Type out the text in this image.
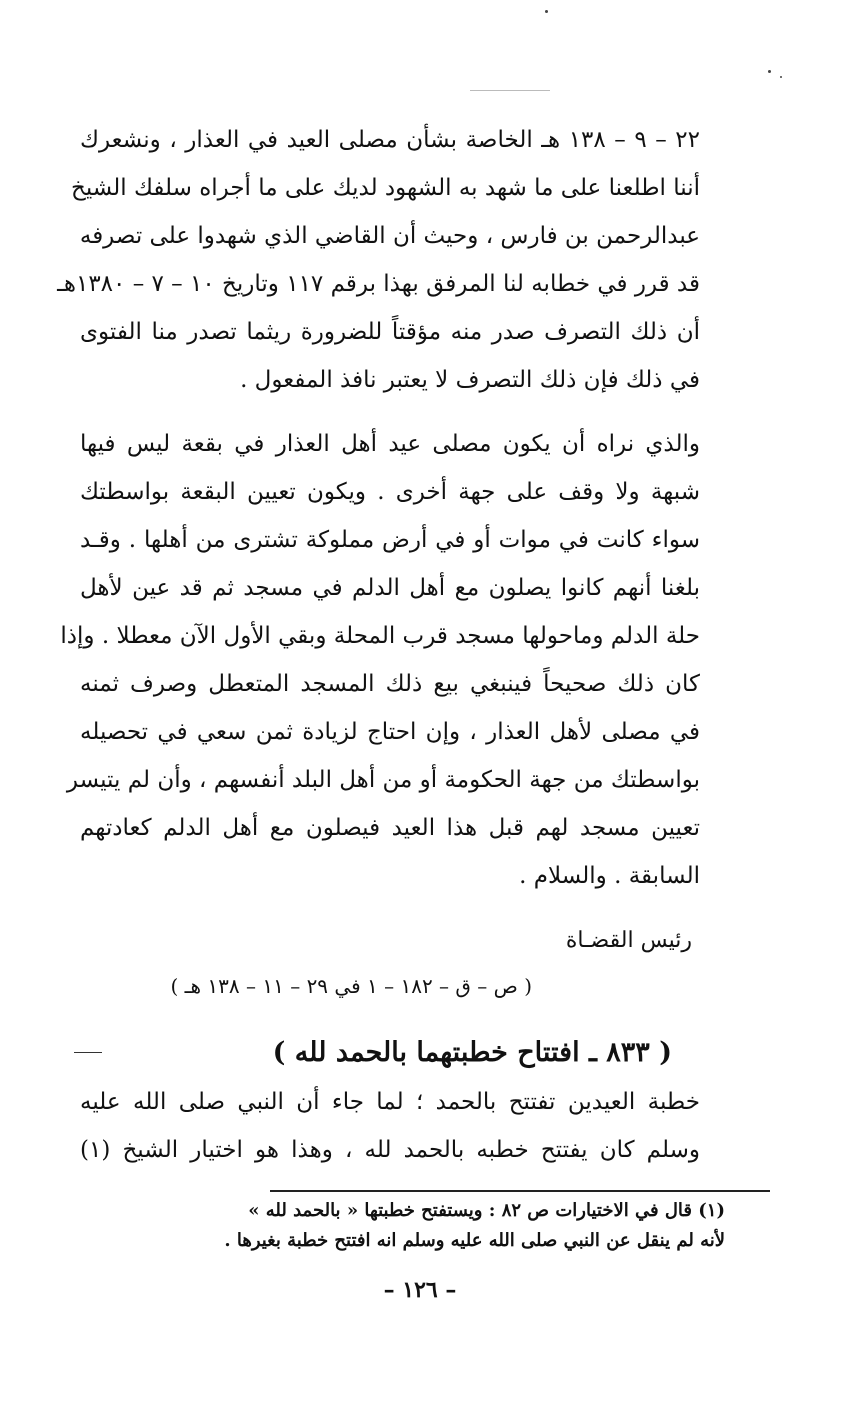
٢٢ – ٩ – ١٣٨ هـ الخاصة بشأن مصلى العيد في العذار ، ونشعرك
أننا اطلعنا على ما شهد به الشهود لديك على ما أجراه سلفك الشيخ
عبدالرحمن بن فارس ، وحيث أن القاضي الذي شهدوا على تصرفه
قد قرر في خطابه لنا المرفق بهذا برقم ١١٧ وتاريخ ١٠ – ٧ – ١٣٨٠هـ
أن ذلك التصرف صدر منه مؤقتاً للضرورة ريثما تصدر منا الفتوى
في ذلك فإن ذلك التصرف لا يعتبر نافذ المفعول .
والذي نراه أن يكون مصلى عيد أهل العذار في بقعة ليس فيها
شبهة ولا وقف على جهة أخرى . ويكون تعيين البقعة بواسطتك
سواء كانت في موات أو في أرض مملوكة تشترى من أهلها . وقـد
بلغنا أنهم كانوا يصلون مع أهل الدلم في مسجد ثم قد عين لأهل
حلة الدلم وماحولها مسجد قرب المحلة وبقي الأول الآن معطلا . وإذا
كان ذلك صحيحاً فينبغي بيع ذلك المسجد المتعطل وصرف ثمنه
في مصلى لأهل العذار ، وإن احتاج لزيادة ثمن سعي في تحصيله
بواسطتك من جهة الحكومة أو من أهل البلد أنفسهم ، وأن لم يتيسر
تعيين مسجد لهم قبل هذا العيد فيصلون مع أهل الدلم كعادتهم
السابقة . والسلام .
رئيس القضـاة
( ص – ق – ١٨٢ – ١ في ٢٩ – ١١ – ١٣٨ هـ )
( ٨٣٣ ـ افتتاح خطبتهما بالحمد لله )
خطبة العيدين تفتتح بالحمد ؛ لما جاء أن النبي صلى الله عليه
وسلم كان يفتتح خطبه بالحمد لله ، وهذا هو اختيار الشيخ (١)
(١) قال في الاختيارات ص ٨٢ : ويستفتح خطبتها « بالحمد لله »
لأنه لم ينقل عن النبي صلى الله عليه وسلم انه افتتح خطبة بغيرها .
– ١٢٦ –
